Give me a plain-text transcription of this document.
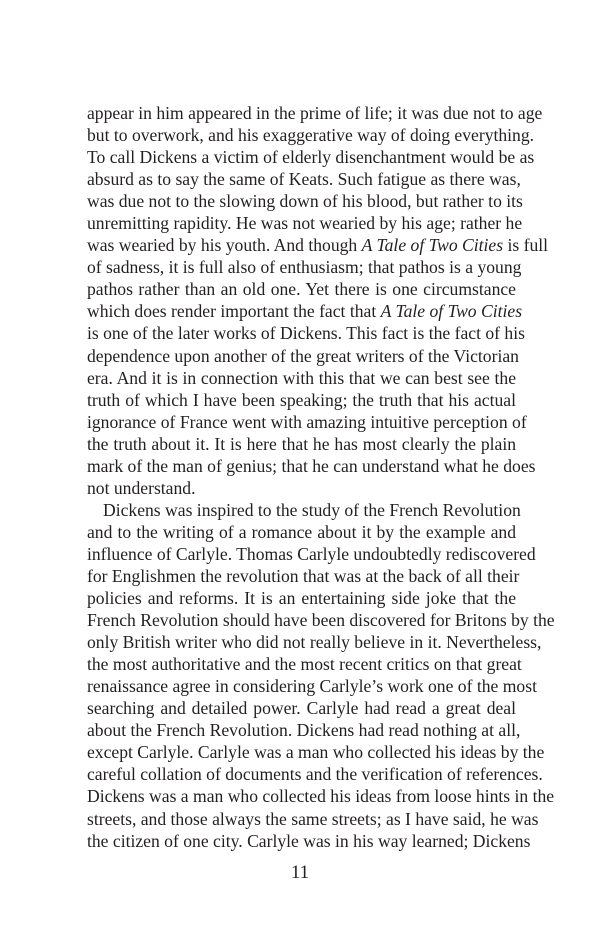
appear in him appeared in the prime of life; it was due not to age
but to overwork, and his exaggerative way of doing everything.
To call Dickens a victim of elderly disenchantment would be as
absurd as to say the same of Keats. Such fatigue as there was,
was due not to the slowing down of his blood, but rather to its
unremitting rapidity. He was not wearied by his age; rather he
was wearied by his youth. And though A Tale of Two Cities is full
of sadness, it is full also of enthusiasm; that pathos is a young
pathos rather than an old one. Yet there is one circumstance
which does render important the fact that A Tale of Two Cities
is one of the later works of Dickens. This fact is the fact of his
dependence upon another of the great writers of the Victorian
era. And it is in connection with this that we can best see the
truth of which I have been speaking; the truth that his actual
ignorance of France went with amazing intuitive perception of
the truth about it. It is here that he has most clearly the plain
mark of the man of genius; that he can understand what he does
not understand.
Dickens was inspired to the study of the French Revolution
and to the writing of a romance about it by the example and
influence of Carlyle. Thomas Carlyle undoubtedly rediscovered
for Englishmen the revolution that was at the back of all their
policies and reforms. It is an entertaining side joke that the
French Revolution should have been discovered for Britons by the
only British writer who did not really believe in it. Nevertheless,
the most authoritative and the most recent critics on that great
renaissance agree in considering Carlyle’s work one of the most
searching and detailed power. Carlyle had read a great deal
about the French Revolution. Dickens had read nothing at all,
except Carlyle. Carlyle was a man who collected his ideas by the
careful collation of documents and the verification of references.
Dickens was a man who collected his ideas from loose hints in the
streets, and those always the same streets; as I have said, he was
the citizen of one city. Carlyle was in his way learned; Dickens
11
